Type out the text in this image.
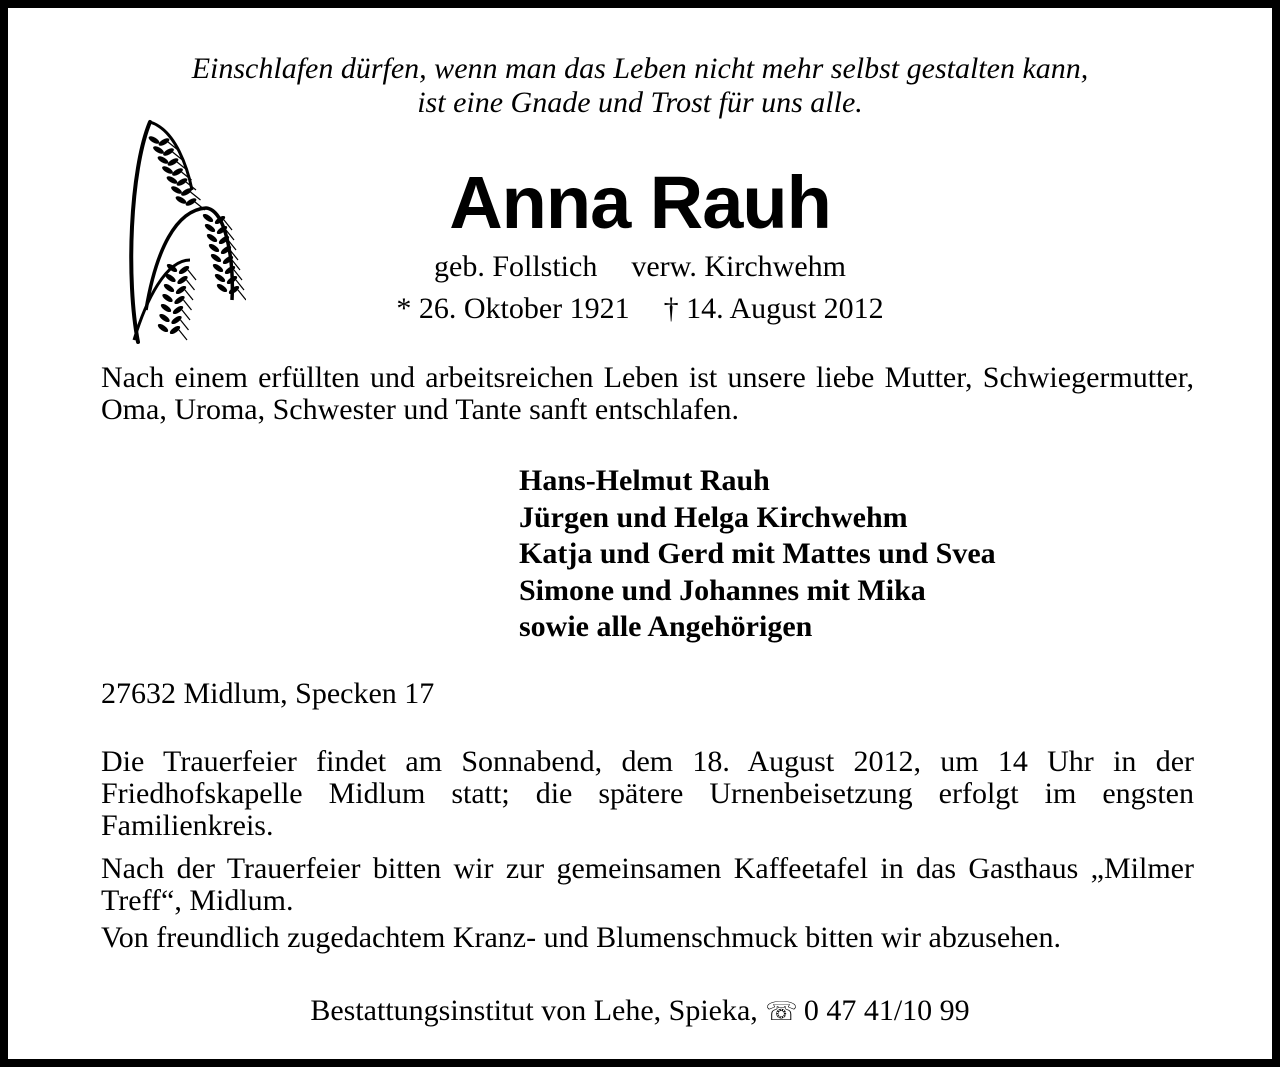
Einschlafen dürfen, wenn man das Leben nicht mehr selbst gestalten kann,
ist eine Gnade und Trost für uns alle.
Anna Rauh
geb. Follstich verw. Kirchwehm
* 26. Oktober 1921 † 14. August 2012
Nach einem erfüllten und arbeitsreichen Leben ist unsere liebe Mutter, Schwiegermutter, Oma, Uroma, Schwester und Tante sanft entschlafen.
Hans-Helmut Rauh
Jürgen und Helga Kirchwehm
Katja und Gerd mit Mattes und Svea
Simone und Johannes mit Mika
sowie alle Angehörigen
27632 Midlum, Specken 17
Die Trauerfeier findet am Sonnabend, dem 18. August 2012, um 14 Uhr in der Friedhofskapelle Midlum statt; die spätere Urnenbeisetzung erfolgt im engsten Familienkreis.
Nach der Trauerfeier bitten wir zur gemeinsamen Kaffeetafel in das Gasthaus „Milmer Treff“, Midlum.
Von freundlich zugedachtem Kranz- und Blumenschmuck bitten wir abzusehen.
Bestattungsinstitut von Lehe, Spieka, ☏ 0 47 41/10 99
